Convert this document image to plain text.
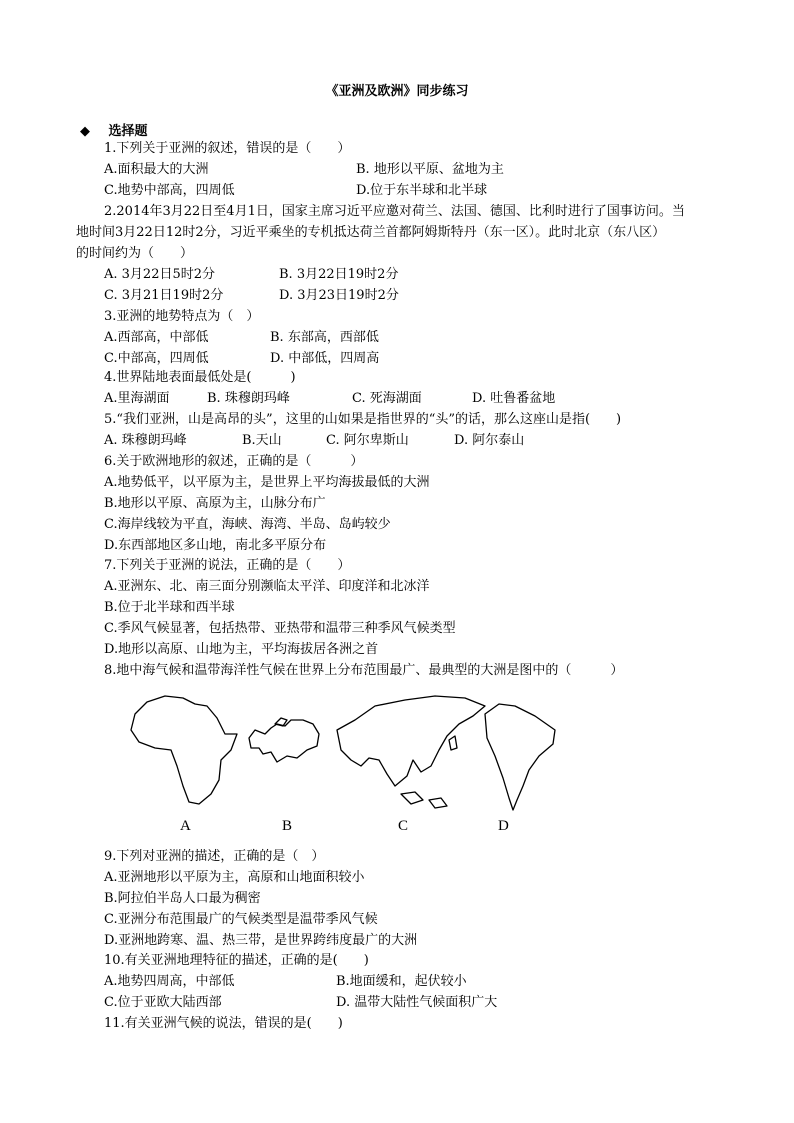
《亚洲及欧洲》同步练习
◆ 选择题
1.下列关于亚洲的叙述，错误的是（　　）
A.面积最大的大洲	B. 地形以平原、盆地为主
C.地势中部高，四周低	D.位于东半球和北半球
2.2014年3月22日至4月1日，国家主席习近平应邀对荷兰、法国、德国、比利时进行了国事访问。当
地时间3月22日12时2分，习近平乘坐的专机抵达荷兰首都阿姆斯特丹（东一区）。此时北京（东八区）
的时间约为（　　）
A. 3月22日5时2分	B. 3月22日19时2分
C. 3月21日19时2分	D. 3月23日19时2分
3.亚洲的地势特点为（　）
A.西部高，中部低	B. 东部高，西部低
C.中部高，四周低	D. 中部低，四周高
4.世界陆地表面最低处是(　　　)
A.里海湖面	B. 珠穆朗玛峰	C. 死海湖面	D. 吐鲁番盆地
5.“我们亚洲，山是高昂的头”，这里的山如果是指世界的“头”的话，那么这座山是指(　　)
A. 珠穆朗玛峰	B.天山	C. 阿尔卑斯山	D. 阿尔泰山
6.关于欧洲地形的叙述，正确的是（　　　）
A.地势低平，以平原为主，是世界上平均海拔最低的大洲
B.地形以平原、高原为主，山脉分布广
C.海岸线较为平直，海峡、海湾、半岛、岛屿较少
D.东西部地区多山地，南北多平原分布
7.下列关于亚洲的说法，正确的是（　　）
A.亚洲东、北、南三面分别濒临太平洋、印度洋和北冰洋
B.位于北半球和西半球
C.季风气候显著，包括热带、亚热带和温带三种季风气候类型
D.地形以高原、山地为主，平均海拔居各洲之首
8.地中海气候和温带海洋性气候在世界上分布范围最广、最典型的大洲是图中的（　　　）
A	B	C	D
9.下列对亚洲的描述，正确的是（　）
A.亚洲地形以平原为主，高原和山地面积较小
B.阿拉伯半岛人口最为稠密
C.亚洲分布范围最广的气候类型是温带季风气候
D.亚洲地跨寒、温、热三带，是世界跨纬度最广的大洲
10.有关亚洲地理特征的描述，正确的是(　　)
A.地势四周高，中部低	B.地面缓和，起伏较小
C.位于亚欧大陆西部	D. 温带大陆性气候面积广大
11.有关亚洲气候的说法，错误的是(　　)
